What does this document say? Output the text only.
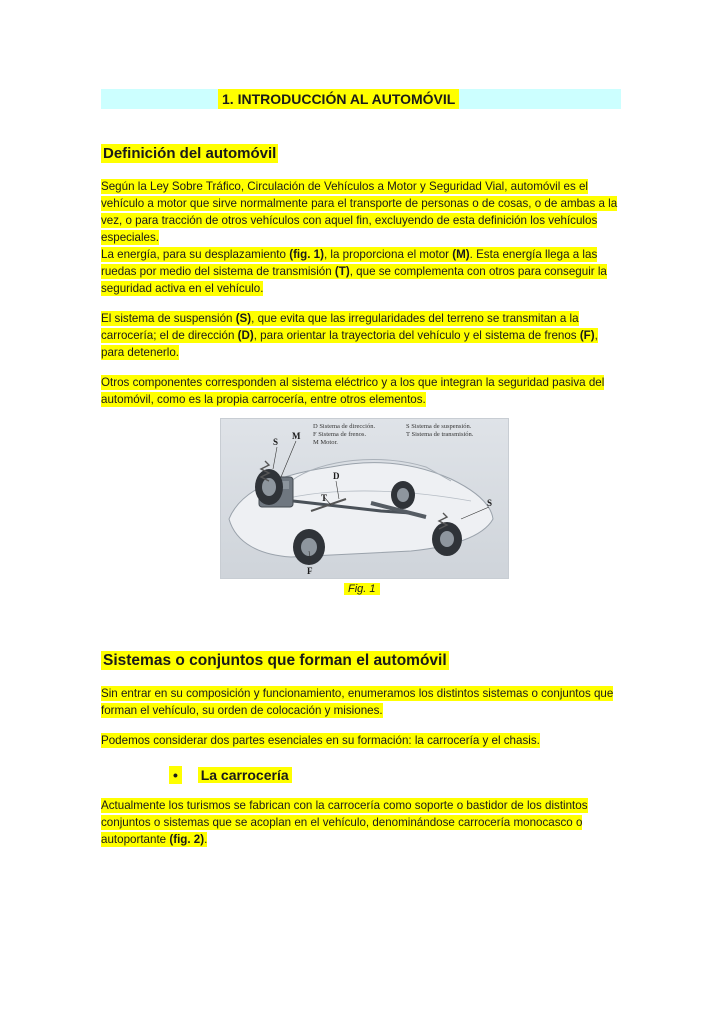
1. INTRODUCCIÓN AL AUTOMÓVIL
Definición del automóvil

Según la Ley Sobre Tráfico, Circulación de Vehículos a Motor y Seguridad Vial, automóvil es el vehículo a motor que sirve normalmente para el transporte de personas o de cosas, o de ambas a la vez, o para tracción de otros vehículos con aquel fin, excluyendo de esta definición los vehículos especiales.

La energía, para su desplazamiento (fig. 1), la proporciona el motor (M). Esta energía llega a las ruedas por medio del sistema de transmisión (T), que se complementa con otros para conseguir la seguridad activa en el vehículo.

El sistema de suspensión (S), que evita que las irregularidades del terreno se transmitan a la carrocería; el de dirección (D), para orientar la trayectoria del vehículo y el sistema de frenos (F), para detenerlo.

Otros componentes corresponden al sistema eléctrico y a los que integran la seguridad pasiva del automóvil, como es la propia carrocería, entre otros elementos.

D Sistema de dirección.
F Sistema de frenos.
M Motor.
S Sistema de suspensión.
T Sistema de transmisión.
S
M
T
D
S
F
Fig. 1
Sistemas o conjuntos que forman el automóvil

Sin entrar en su composición y funcionamiento, enumeramos los distintos sistemas o conjuntos que forman el vehículo, su orden de colocación y misiones.

Podemos considerar dos partes esenciales en su formación: la carrocería y el chasis.

• La carrocería

Actualmente los turismos se fabrican con la carrocería como soporte o bastidor de los distintos conjuntos o sistemas que se acoplan en el vehículo, denominándose carrocería monocasco o autoportante (fig. 2).
